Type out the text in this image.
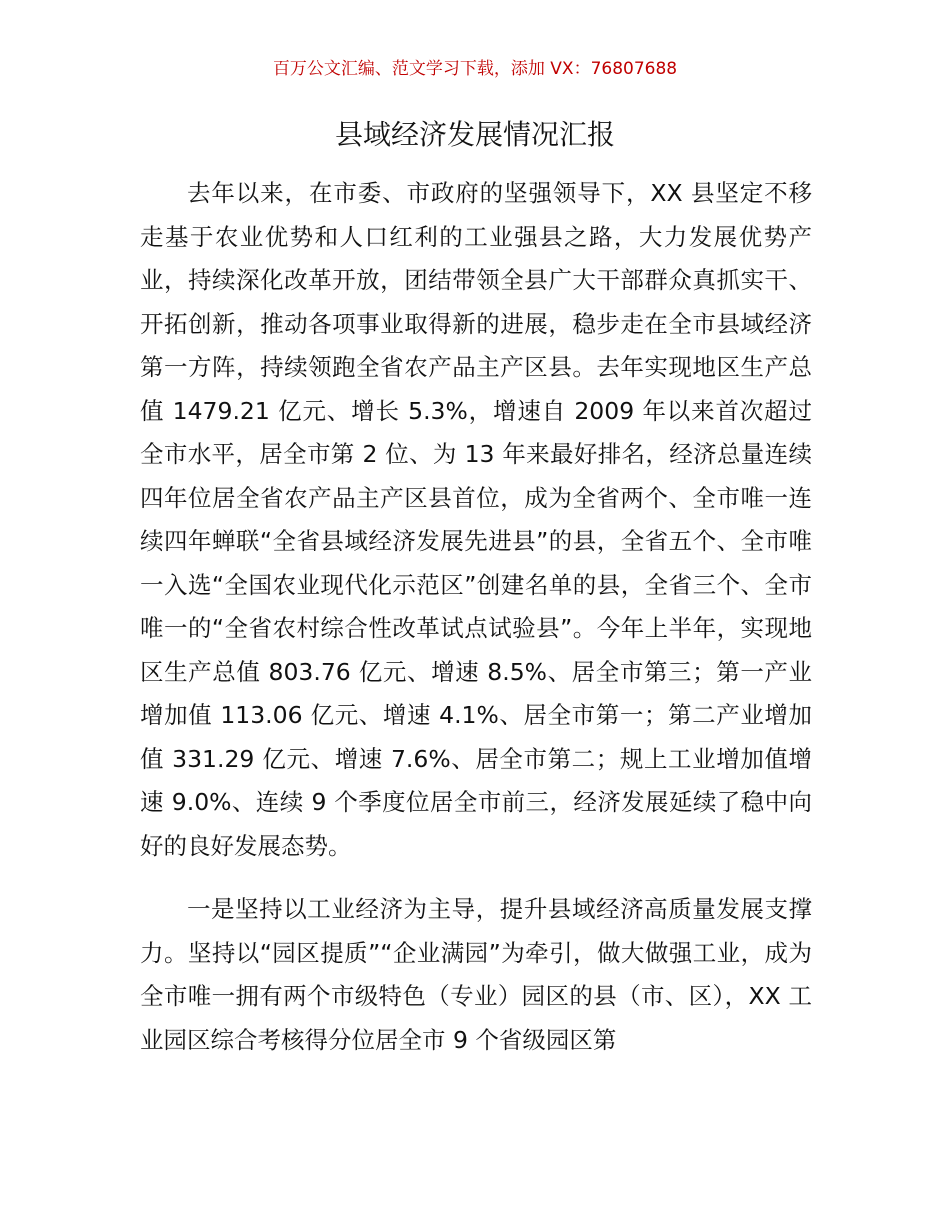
百万公文汇编、范文学习下载，添加 VX：76807688
县域经济发展情况汇报

去年以来，在市委、市政府的坚强领导下，XX 县坚定不移走基于农业优势和人口红利的工业强县之路，大力发展优势产业，持续深化改革开放，团结带领全县广大干部群众真抓实干、开拓创新，推动各项事业取得新的进展，稳步走在全市县域经济第一方阵，持续领跑全省农产品主产区县。去年实现地区生产总值 1479.21 亿元、增长 5.3%，增速自 2009 年以来首次超过全市水平，居全市第 2 位、为 13 年来最好排名，经济总量连续四年位居全省农产品主产区县首位，成为全省两个、全市唯一连续四年蝉联“全省县域经济发展先进县”的县，全省五个、全市唯一入选“全国农业现代化示范区”创建名单的县，全省三个、全市唯一的“全省农村综合性改革试点试验县”。今年上半年，实现地区生产总值 803.76 亿元、增速 8.5%、居全市第三；第一产业增加值 113.06 亿元、增速 4.1%、居全市第一；第二产业增加值 331.29 亿元、增速 7.6%、居全市第二；规上工业增加值增速 9.0%、连续 9 个季度位居全市前三，经济发展延续了稳中向好的良好发展态势。

一是坚持以工业经济为主导，提升县域经济高质量发展支撑力。坚持以“园区提质”“企业满园”为牵引，做大做强工业，成为全市唯一拥有两个市级特色（专业）园区的县（市、区），XX 工业园区综合考核得分位居全市 9 个省级园区第
